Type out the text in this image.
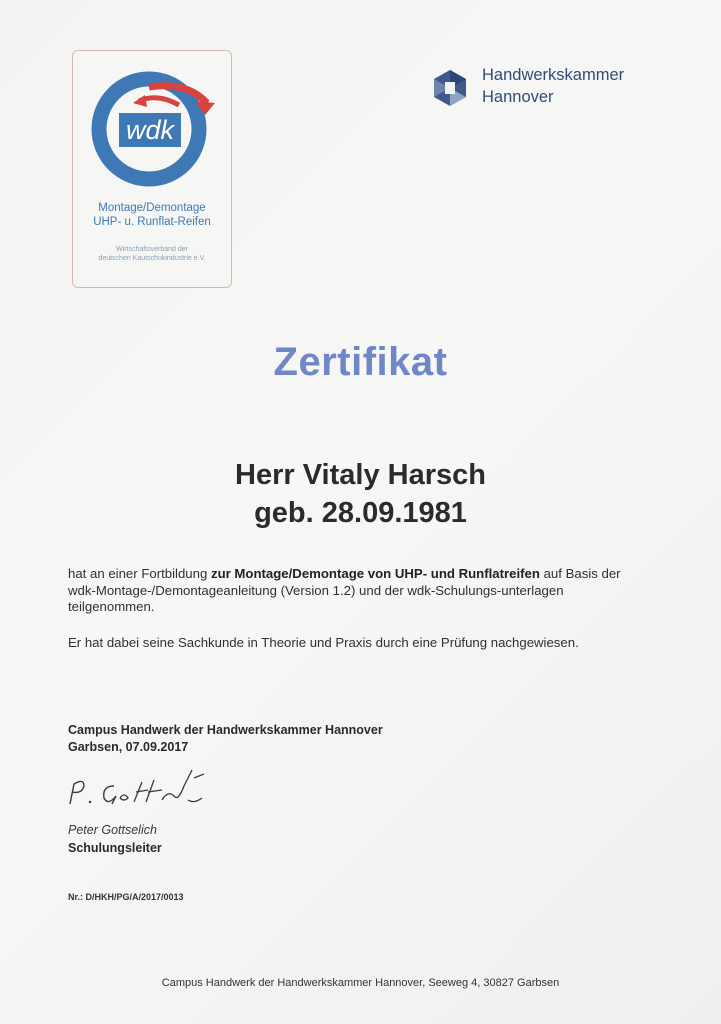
wdk
Montage/Demontage
UHP- u. Runflat-Reifen
Wirtschaftsverband der
deutschen Kautschukindustrie e.V.
Handwerkskammer
Hannover
Zertifikat
Herr Vitaly Harsch
geb. 28.09.1981
hat an einer Fortbildung zur Montage/Demontage von UHP- und Runflatreifen auf Basis der wdk-Montage-/Demontageanleitung (Version 1.2) und der wdk-Schulungs-unterlagen teilgenommen.
Er hat dabei seine Sachkunde in Theorie und Praxis durch eine Prüfung nachgewiesen.
Campus Handwerk der Handwerkskammer Hannover
Garbsen, 07.09.2017
Peter Gottselich
Schulungsleiter
Nr.: D/HKH/PG/A/2017/0013
Campus Handwerk der Handwerkskammer Hannover, Seeweg 4, 30827 Garbsen
